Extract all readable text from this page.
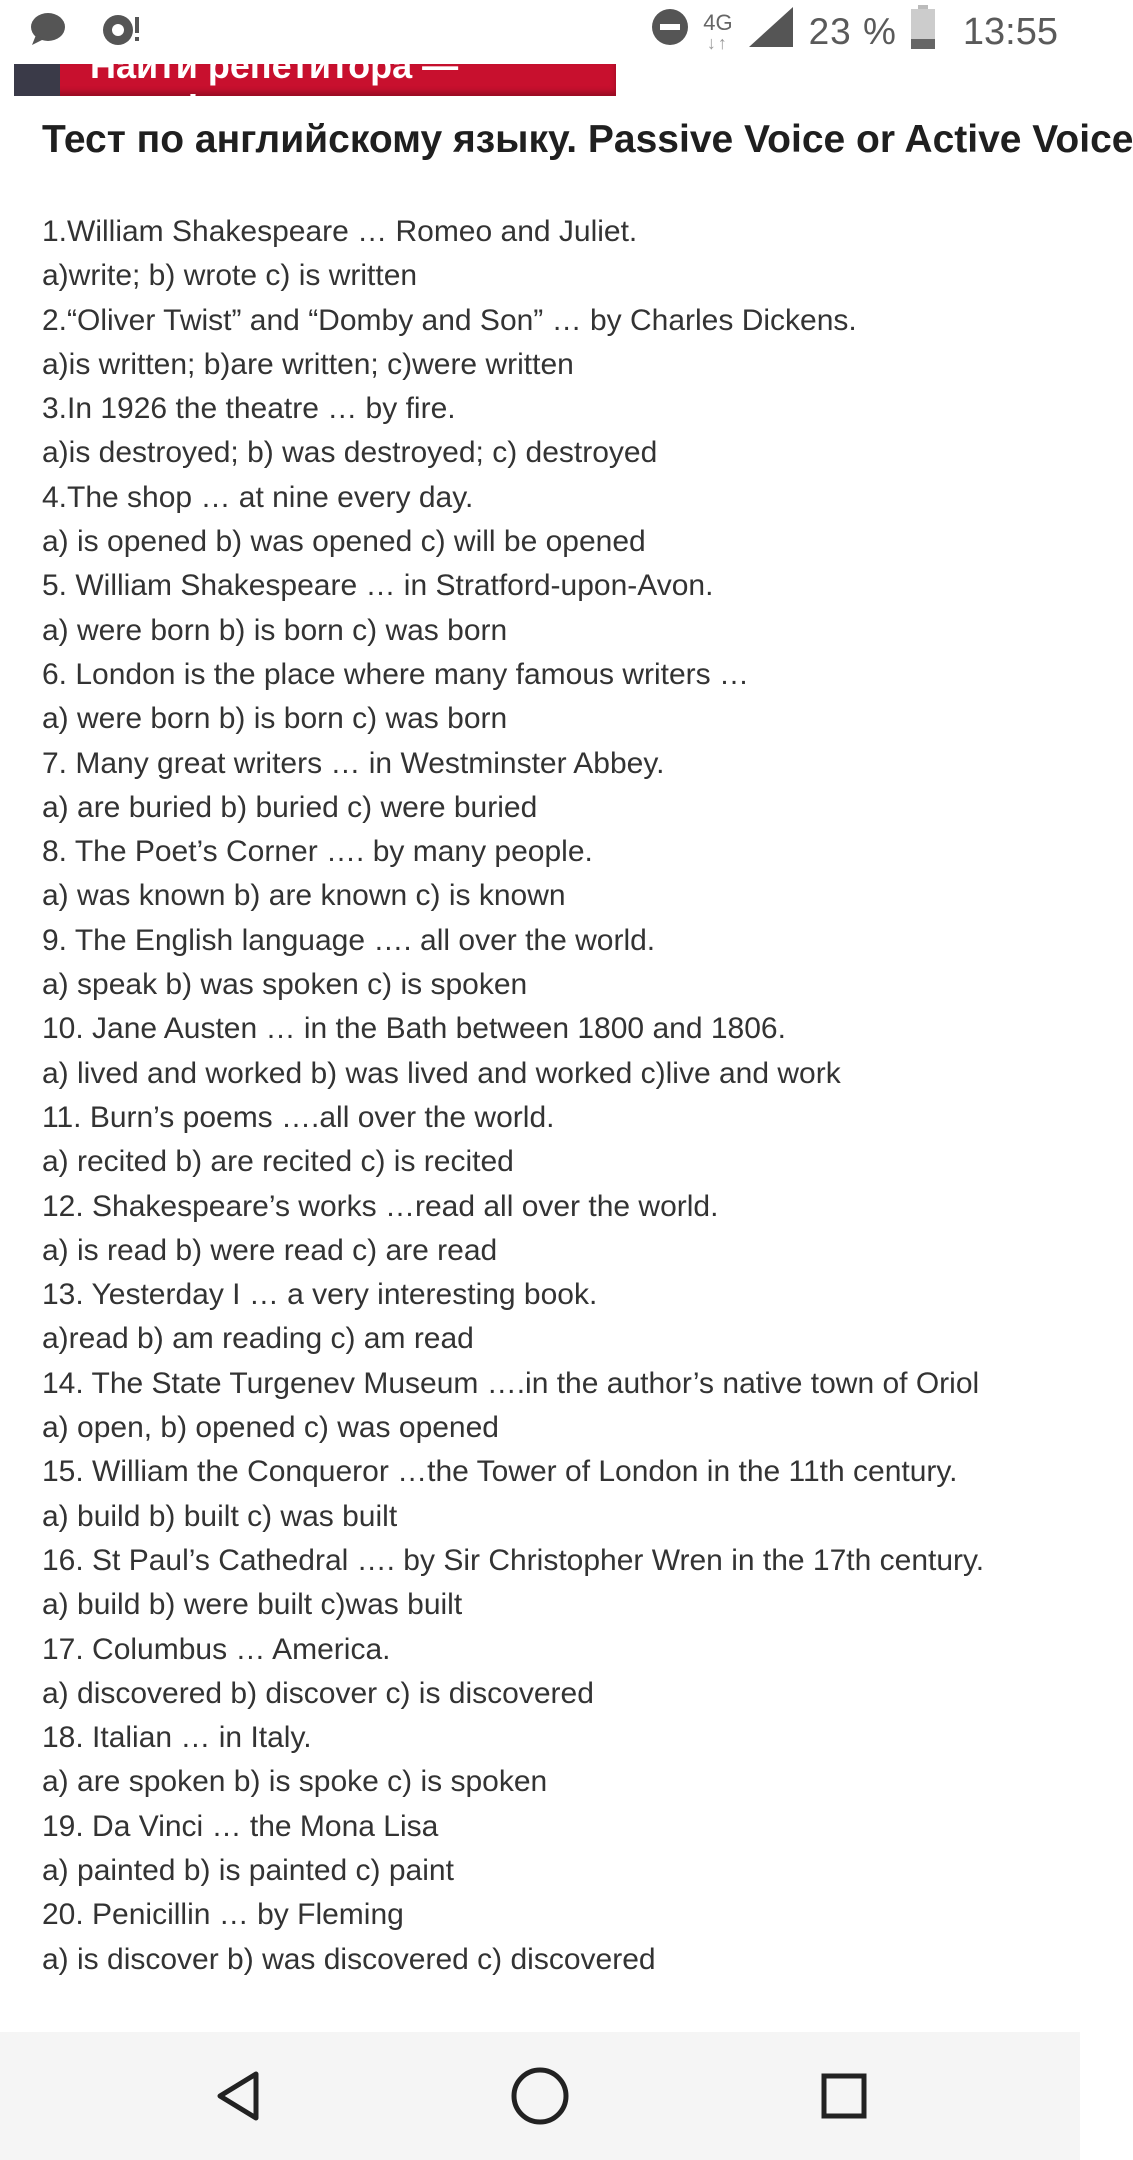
4G
↓↑ 23 % 13:55
Найти репетитора —
легко!
Тест по английскому языку. Passive Voice or Active Voice
1.William Shakespeare … Romeo and Juliet.
a)write; b) wrote c) is written
2.“Oliver Twist” and “Domby and Son” … by Charles Dickens.
a)is written; b)are written; c)were written
3.In 1926 the theatre … by fire.
a)is destroyed; b) was destroyed; c) destroyed
4.The shop … at nine every day.
a) is opened b) was opened c) will be opened
5. William Shakespeare … in Stratford-upon-Avon.
a) were born b) is born c) was born
6. London is the place where many famous writers …
a) were born b) is born c) was born
7. Many great writers … in Westminster Abbey.
a) are buried b) buried c) were buried
8. The Poet’s Corner …. by many people.
a) was known b) are known c) is known
9. The English language …. all over the world.
a) speak b) was spoken c) is spoken
10. Jane Austen … in the Bath between 1800 and 1806.
a) lived and worked b) was lived and worked c)live and work
11. Burn’s poems ….all over the world.
a) recited b) are recited c) is recited
12. Shakespeare’s works …read all over the world.
a) is read b) were read c) are read
13. Yesterday I … a very interesting book.
a)read b) am reading c) am read
14. The State Turgenev Museum ….in the author’s native town of Oriol
a) open, b) opened c) was opened
15. William the Conqueror …the Tower of London in the 11th century.
a) build b) built c) was built
16. St Paul’s Cathedral …. by Sir Christopher Wren in the 17th century.
a) build b) were built c)was built
17. Columbus … America.
a) discovered b) discover c) is discovered
18. Italian … in Italy.
a) are spoken b) is spoke c) is spoken
19. Da Vinci … the Mona Lisa
a) painted b) is painted c) paint
20. Penicillin … by Fleming
a) is discover b) was discovered c) discovered
